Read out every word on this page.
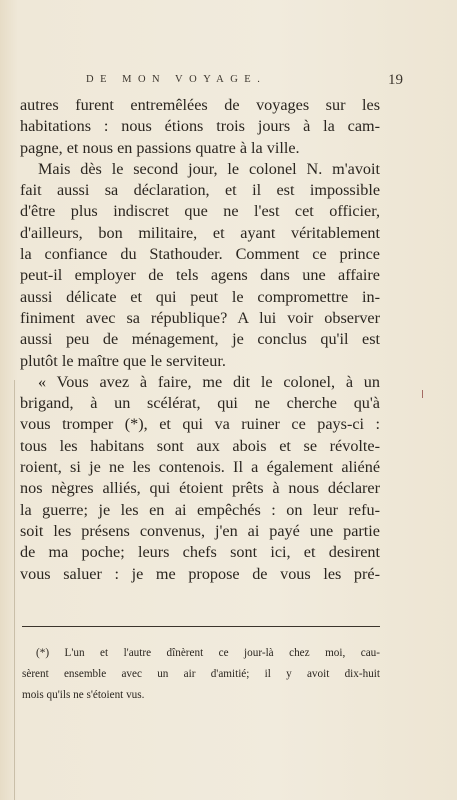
DE MON VOYAGE.	19
autres furent entremêlées de voyages sur les
habitations : nous étions trois jours à la cam-
pagne, et nous en passions quatre à la ville.
Mais dès le second jour, le colonel N. m'avoit
fait aussi sa déclaration, et il est impossible
d'être plus indiscret que ne l'est cet officier,
d'ailleurs, bon militaire, et ayant véritablement
la confiance du Stathouder. Comment ce prince
peut-il employer de tels agens dans une affaire
aussi délicate et qui peut le compromettre in-
finiment avec sa république? A lui voir observer
aussi peu de ménagement, je conclus qu'il est
plutôt le maître que le serviteur.
« Vous avez à faire, me dit le colonel, à un
brigand, à un scélérat, qui ne cherche qu'à
vous tromper (*), et qui va ruiner ce pays-ci :
tous les habitans sont aux abois et se révolte-
roient, si je ne les contenois. Il a également aliéné
nos nègres alliés, qui étoient prêts à nous déclarer
la guerre; je les en ai empêchés : on leur refu-
soit les présens convenus, j'en ai payé une partie
de ma poche; leurs chefs sont ici, et desirent
vous saluer : je me propose de vous les pré-
(*) L'un et l'autre dînèrent ce jour-là chez moi, cau-
sèrent ensemble avec un air d'amitié; il y avoit dix-huit
mois qu'ils ne s'étoient vus.
